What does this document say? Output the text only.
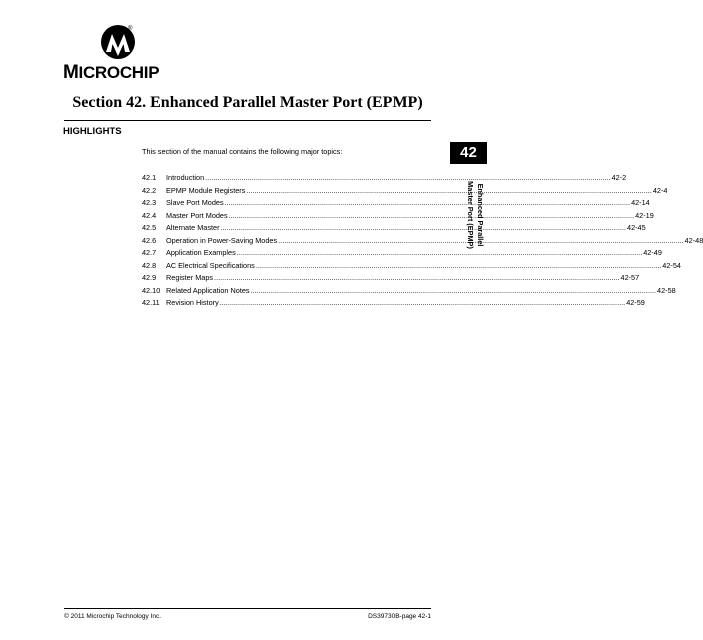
®
MICROCHIP
Section 42. Enhanced Parallel Master Port (EPMP)
HIGHLIGHTS
This section of the manual contains the following major topics:
42.1	Introduction ........................................................................................................................................................................................................ 42-2
42.2	EPMP Module Registers ........................................................................................................................................................................................................ 42-4
42.3	Slave Port Modes ........................................................................................................................................................................................................ 42-14
42.4	Master Port Modes ........................................................................................................................................................................................................ 42-19
42.5	Alternate Master ........................................................................................................................................................................................................ 42-45
42.6	Operation in Power-Saving Modes ........................................................................................................................................................................................................ 42-48
42.7	Application Examples ........................................................................................................................................................................................................ 42-49
42.8	AC Electrical Specifications ........................................................................................................................................................................................................ 42-54
42.9	Register Maps ........................................................................................................................................................................................................ 42-57
42.10 Related Application Notes ........................................................................................................................................................................................................ 42-58
42.11 Revision History ........................................................................................................................................................................................................ 42-59
42
Enhanced Parallel
Master Port (EPMP)
© 2011 Microchip Technology Inc.	DS39730B-page 42-1
